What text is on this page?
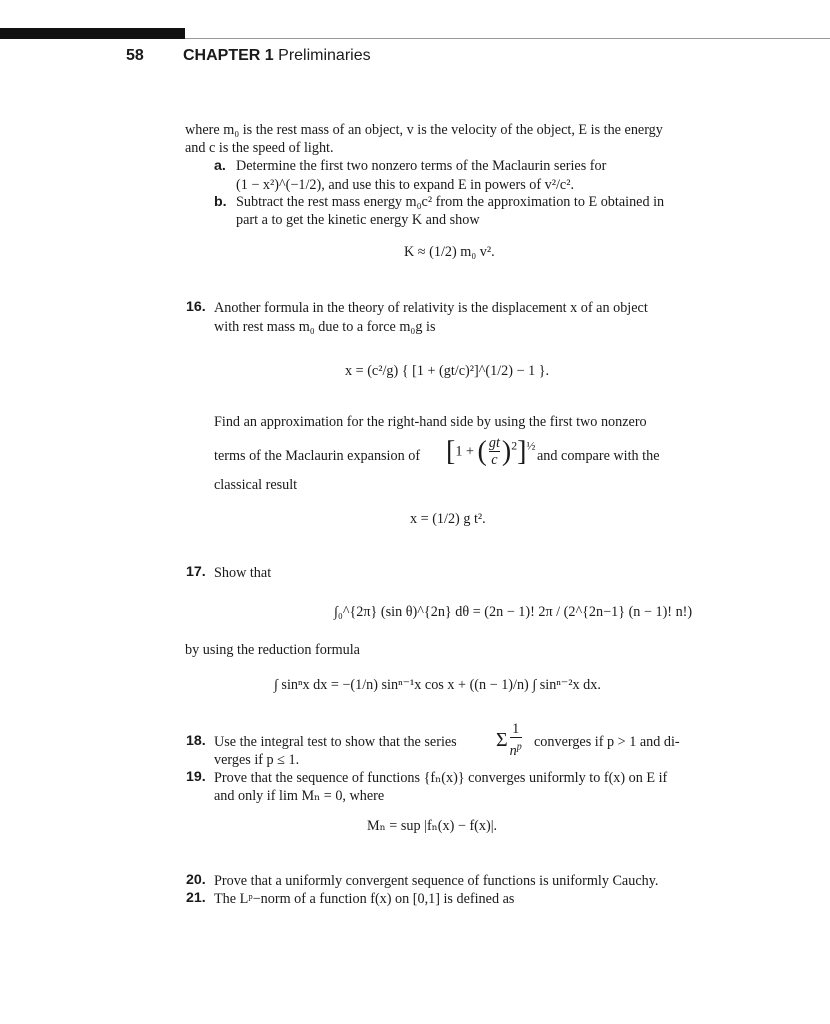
58 CHAPTER 1 Preliminaries
where m₀ is the rest mass of an object, v is the velocity of the object, E is the energy
and c is the speed of light.
a. Determine the first two nonzero terms of the Maclaurin series for
(1 − x²)^(−1/2), and use this to expand E in powers of v²/c².
b. Subtract the rest mass energy m₀c² from the approximation to E obtained in
part a to get the kinetic energy K and show
K ≈ (1/2) m₀ v².
16. Another formula in the theory of relativity is the displacement x of an object
with rest mass m₀ due to a force m₀g is
x = (c²/g) { [1 + (gt/c)²]^(1/2) − 1 }.
Find an approximation for the right-hand side by using the first two nonzero
terms of the Maclaurin expansion of [1 + ( $\frac{gt}{c} )^2]^{\frac{1}{2}}$
and compare with the
classical result
x = (1/2) g t².
17. Show that
∫₀^{2π} (sin θ)^{2n} dθ = (2n − 1)! 2π / (2^{2n−1} (n − 1)! n!)
by using the reduction formula
∫ sinⁿx dx = −(1/n) sinⁿ⁻¹x cos x + ((n − 1)/n) ∫ sinⁿ⁻²x dx.
18. Use the integral test to show that the series Σ $\frac{1}{n^p}$ converges if p > 1 and di-
verges if p ≤ 1.
19. Prove that the sequence of functions {fₙ(x)} converges uniformly to f(x) on E if
and only if lim Mₙ = 0, where
Mₙ = sup |fₙ(x) − f(x)|.
20. Prove that a uniformly convergent sequence of functions is uniformly Cauchy.
21. The Lᵖ−norm of a function f(x) on [0,1] is defined as
